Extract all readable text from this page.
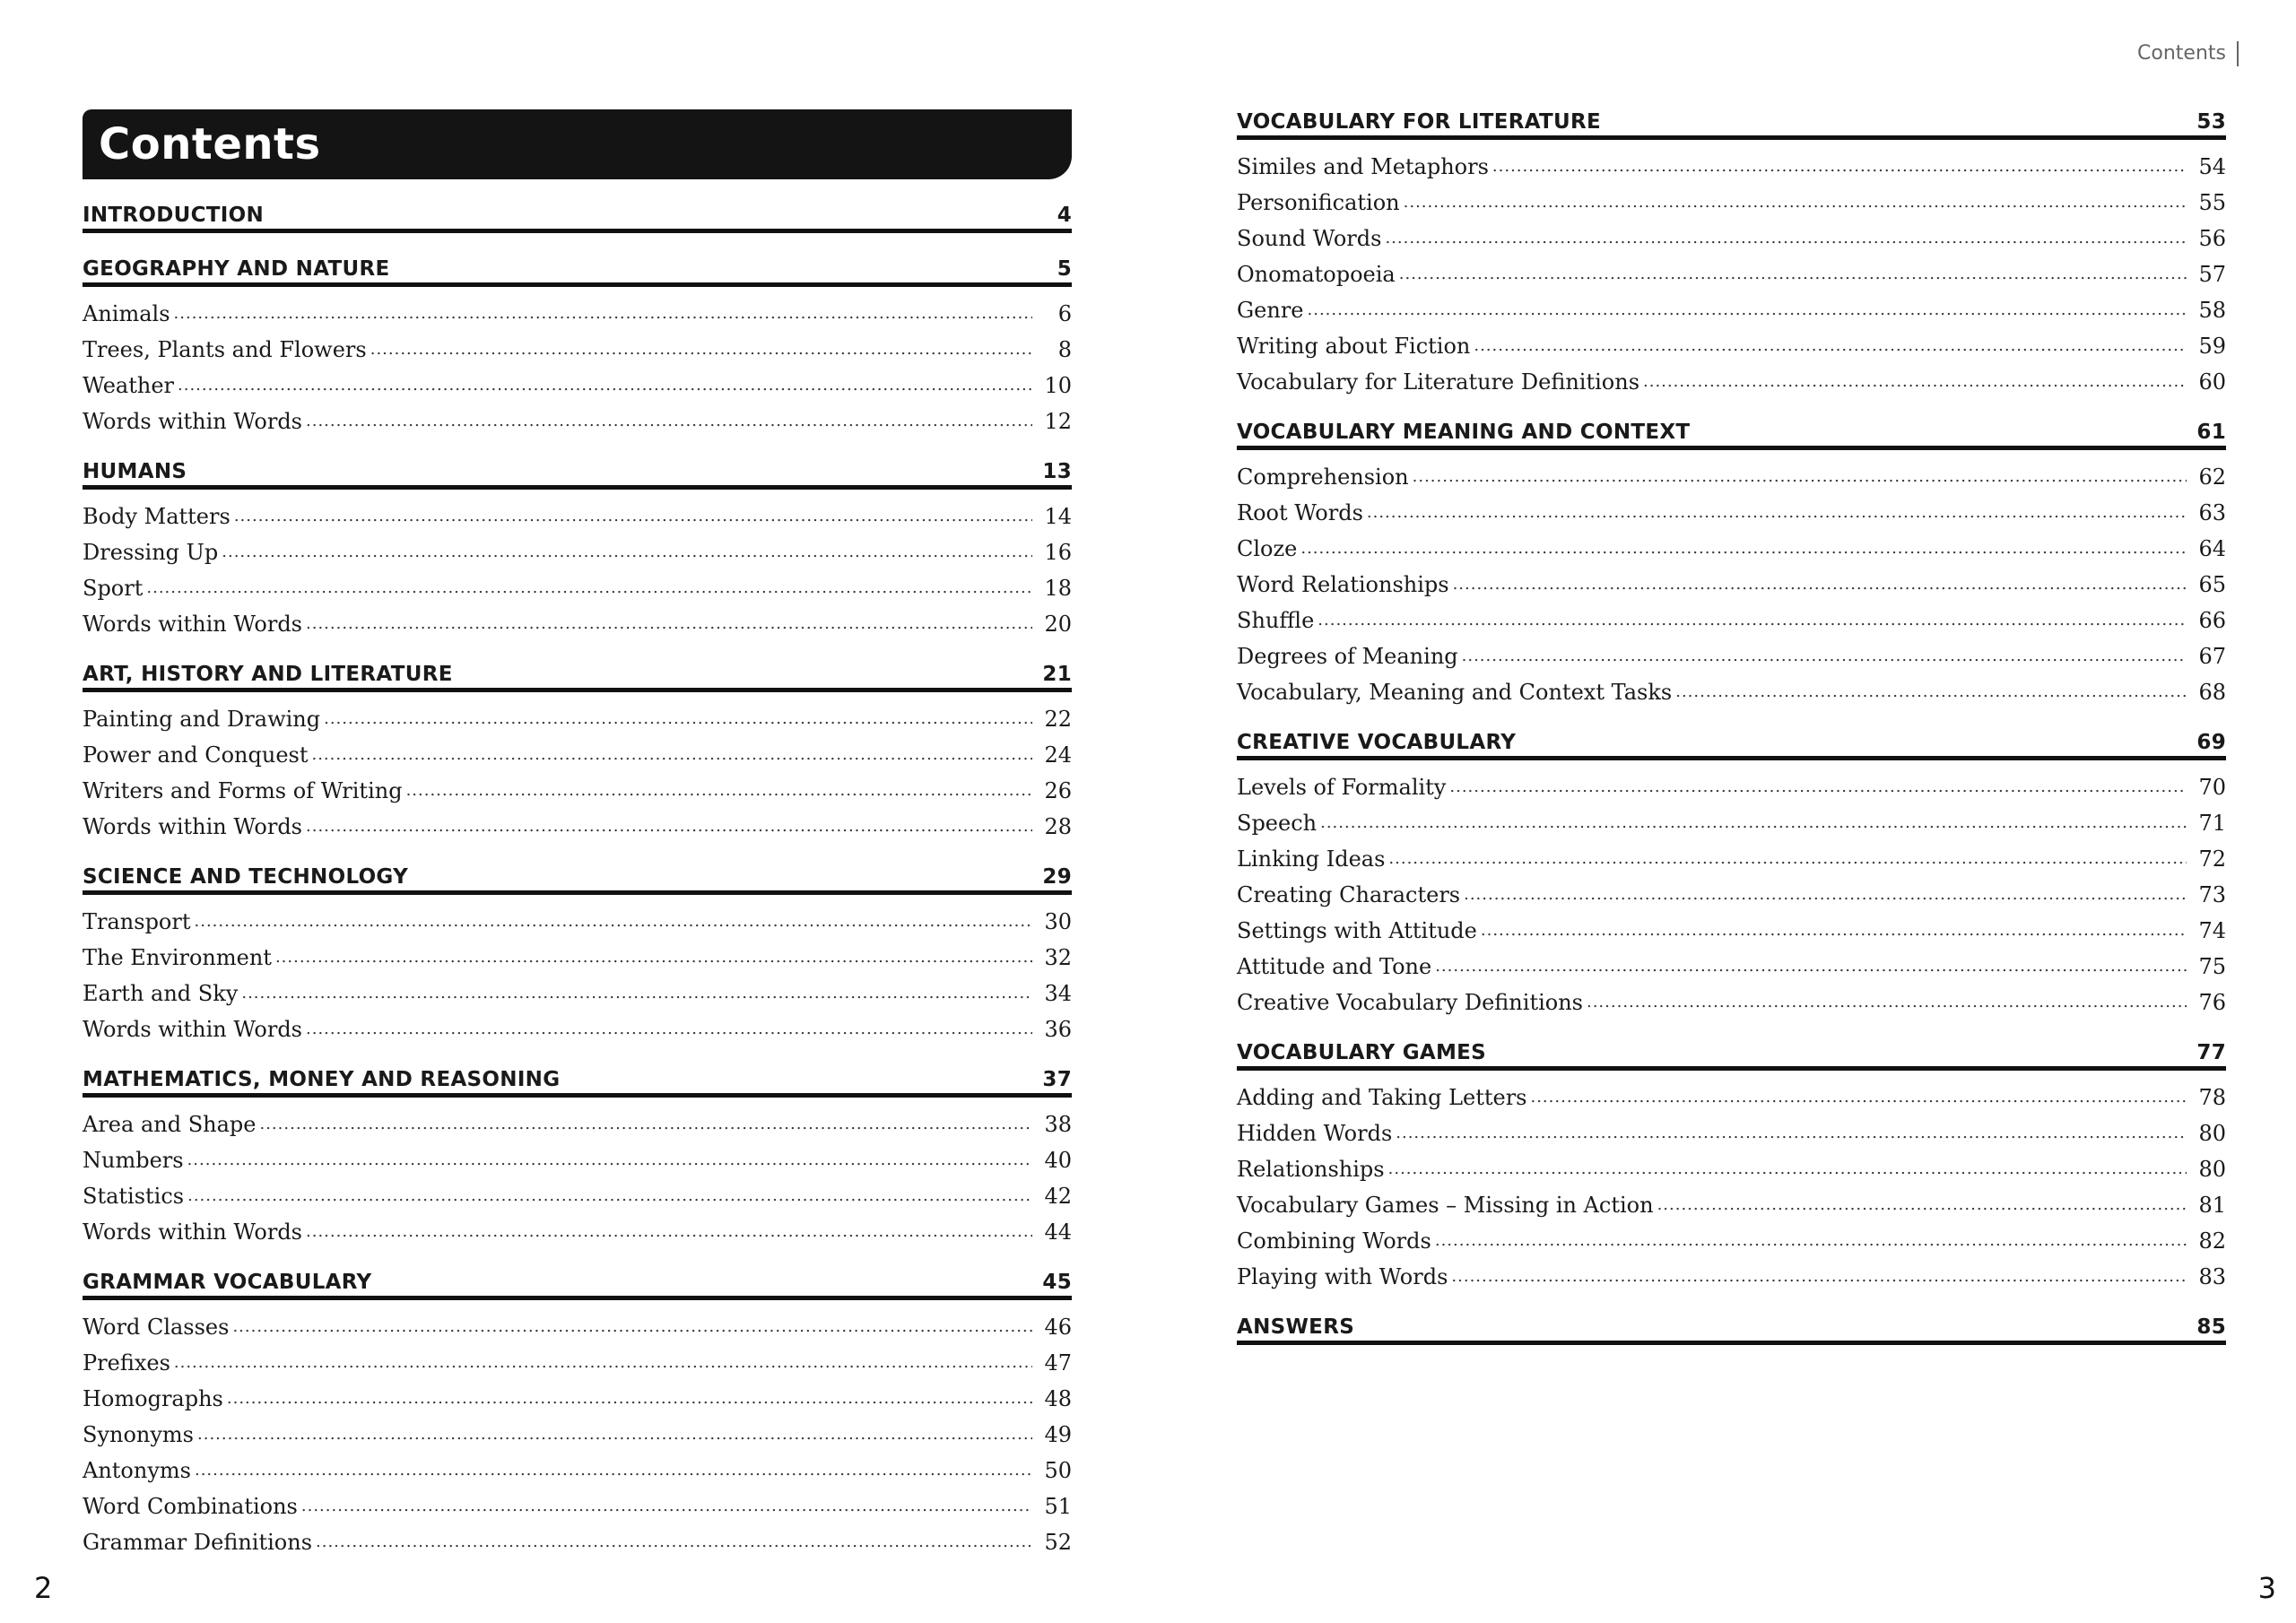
Contents
INTRODUCTION	4
GEOGRAPHY AND NATURE	5
Animals .....	6
Trees, Plants and Flowers .....	8
Weather .....	10
Words within Words .....	12
HUMANS	13
Body Matters .....	14
Dressing Up .....	16
Sport .....	18
Words within Words .....	20
ART, HISTORY AND LITERATURE	21
Painting and Drawing .....	22
Power and Conquest .....	24
Writers and Forms of Writing .....	26
Words within Words .....	28
SCIENCE AND TECHNOLOGY	29
Transport .....	30
The Environment .....	32
Earth and Sky .....	34
Words within Words .....	36
MATHEMATICS, MONEY AND REASONING	37
Area and Shape .....	38
Numbers .....	40
Statistics .....	42
Words within Words .....	44
GRAMMAR VOCABULARY	45
Word Classes .....	46
Prefixes .....	47
Homographs .....	48
Synonyms .....	49
Antonyms .....	50
Word Combinations .....	51
Grammar Definitions .....	52
2
Contents
VOCABULARY FOR LITERATURE	53
Similes and Metaphors .....	54
Personification .....	55
Sound Words .....	56
Onomatopoeia .....	57
Genre .....	58
Writing about Fiction .....	59
Vocabulary for Literature Definitions .....	60
VOCABULARY MEANING AND CONTEXT	61
Comprehension .....	62
Root Words .....	63
Cloze .....	64
Word Relationships .....	65
Shuffle .....	66
Degrees of Meaning .....	67
Vocabulary, Meaning and Context Tasks .....	68
CREATIVE VOCABULARY	69
Levels of Formality .....	70
Speech .....	71
Linking Ideas .....	72
Creating Characters .....	73
Settings with Attitude .....	74
Attitude and Tone .....	75
Creative Vocabulary Definitions .....	76
VOCABULARY GAMES	77
Adding and Taking Letters .....	78
Hidden Words .....	80
Relationships .....	80
Vocabulary Games – Missing in Action .....	81
Combining Words .....	82
Playing with Words .....	83
ANSWERS	85
3
